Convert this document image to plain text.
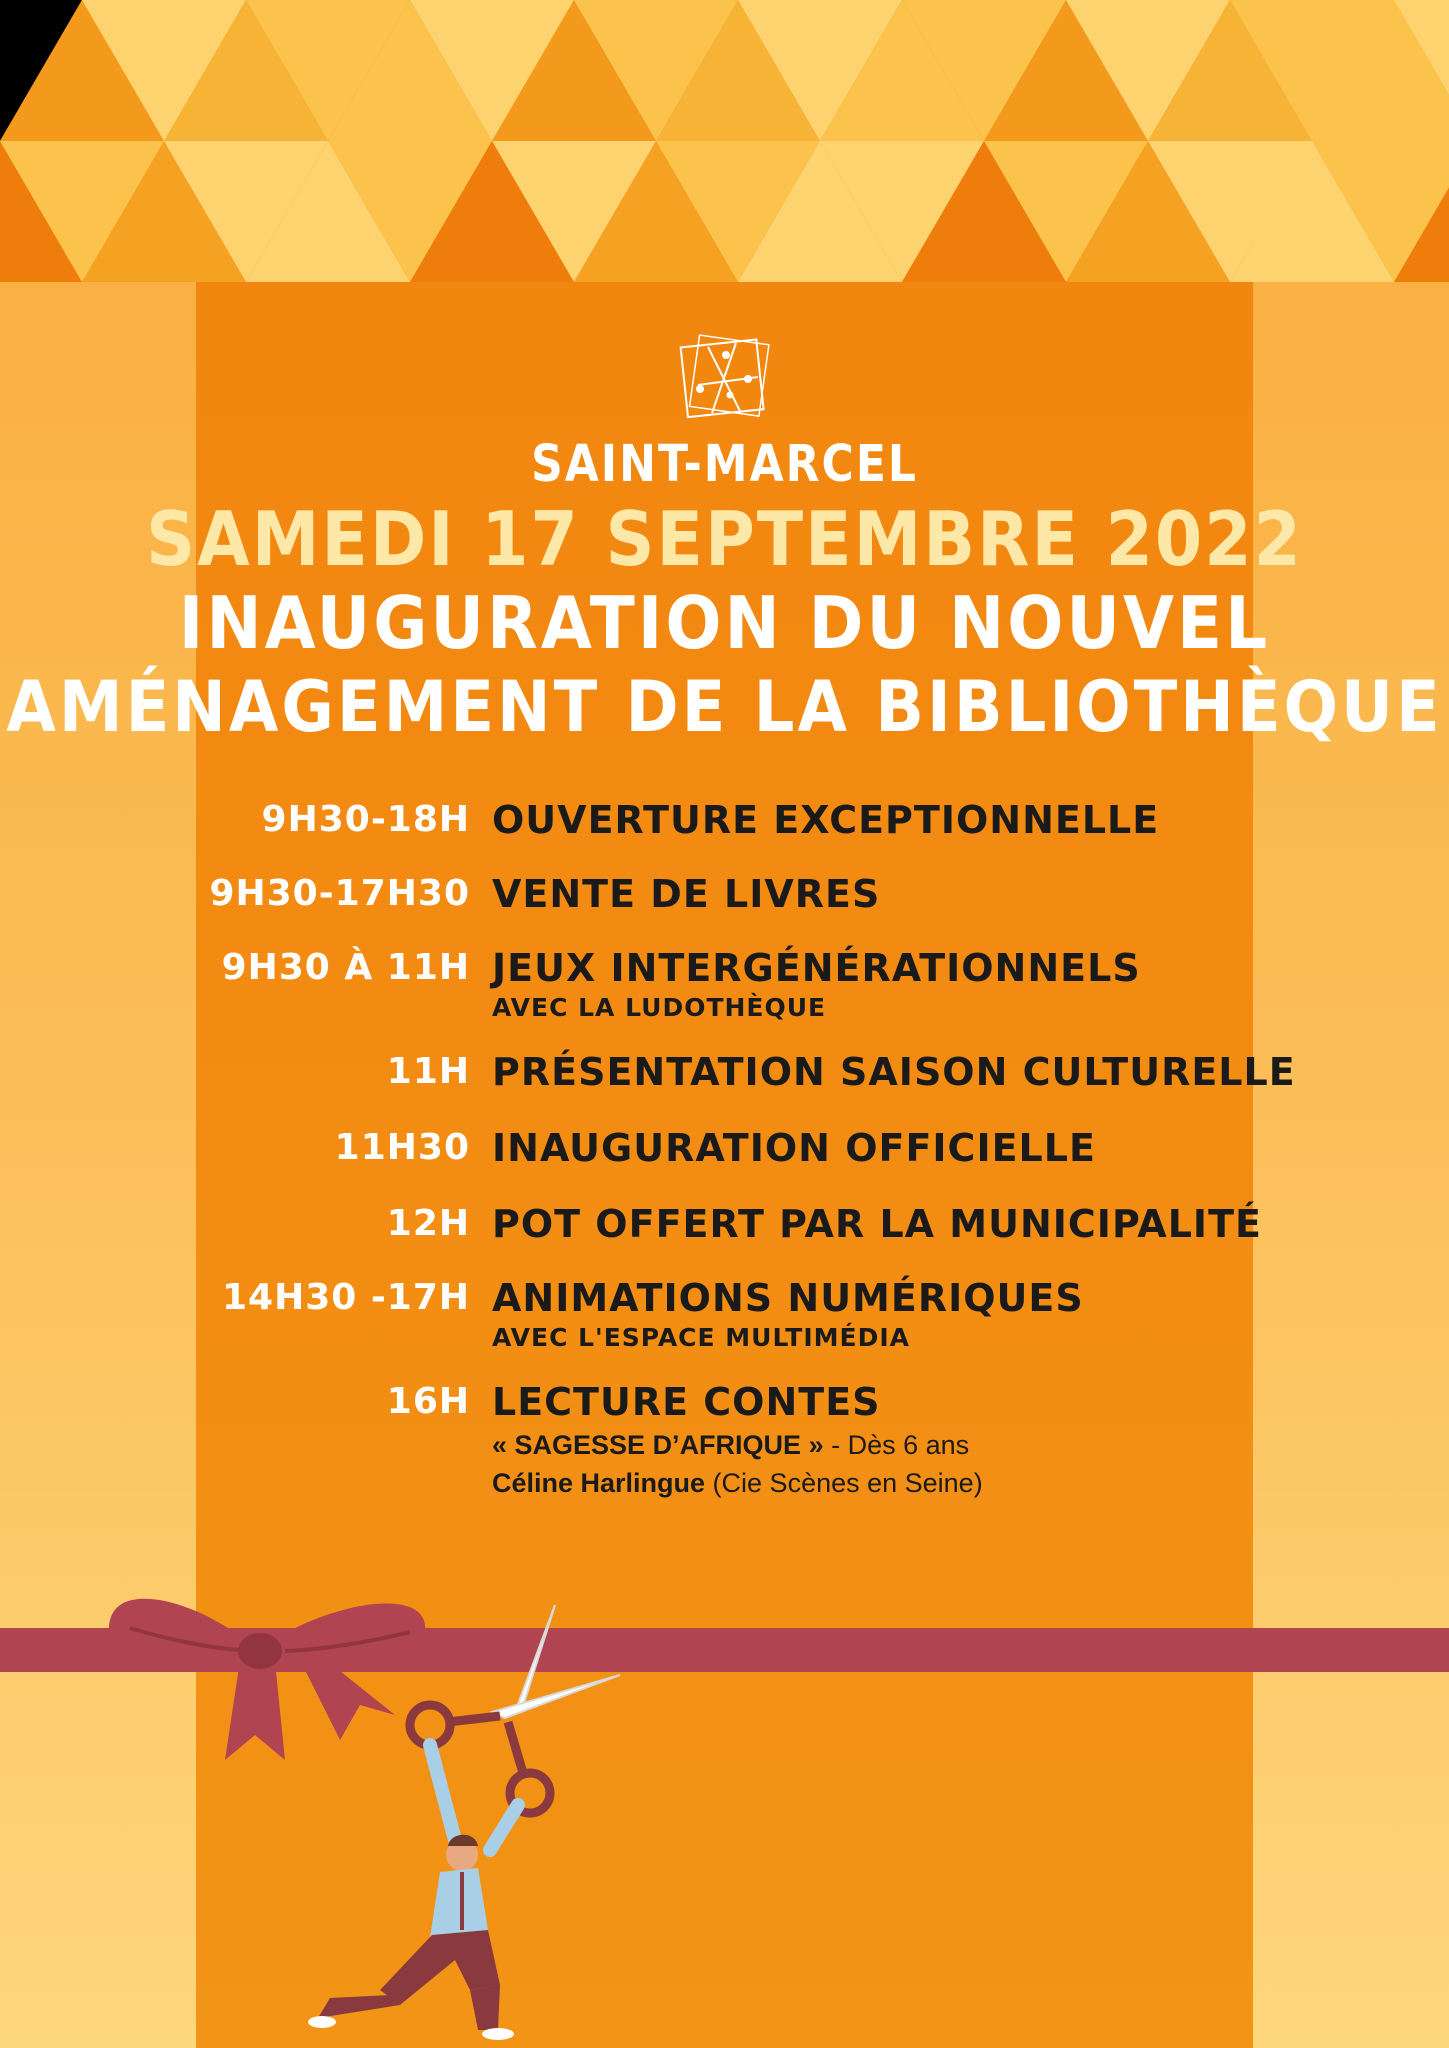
SAINT-MARCEL
SAMEDI 17 SEPTEMBRE 2022
INAUGURATION DU NOUVEL
AMÉNAGEMENT DE LA BIBLIOTHÈQUE
9H30-18H OUVERTURE EXCEPTIONNELLE
9H30-17H30 VENTE DE LIVRES
9H30 À 11H JEUX INTERGÉNÉRATIONNELS
AVEC LA LUDOTHÈQUE
11H PRÉSENTATION SAISON CULTURELLE
11H30 INAUGURATION OFFICIELLE
12H POT OFFERT PAR LA MUNICIPALITÉ
14H30 -17H ANIMATIONS NUMÉRIQUES
AVEC L'ESPACE MULTIMÉDIA
16H LECTURE CONTES
« SAGESSE D’AFRIQUE » - Dès 6 ans
Céline Harlingue (Cie Scènes en Seine)
